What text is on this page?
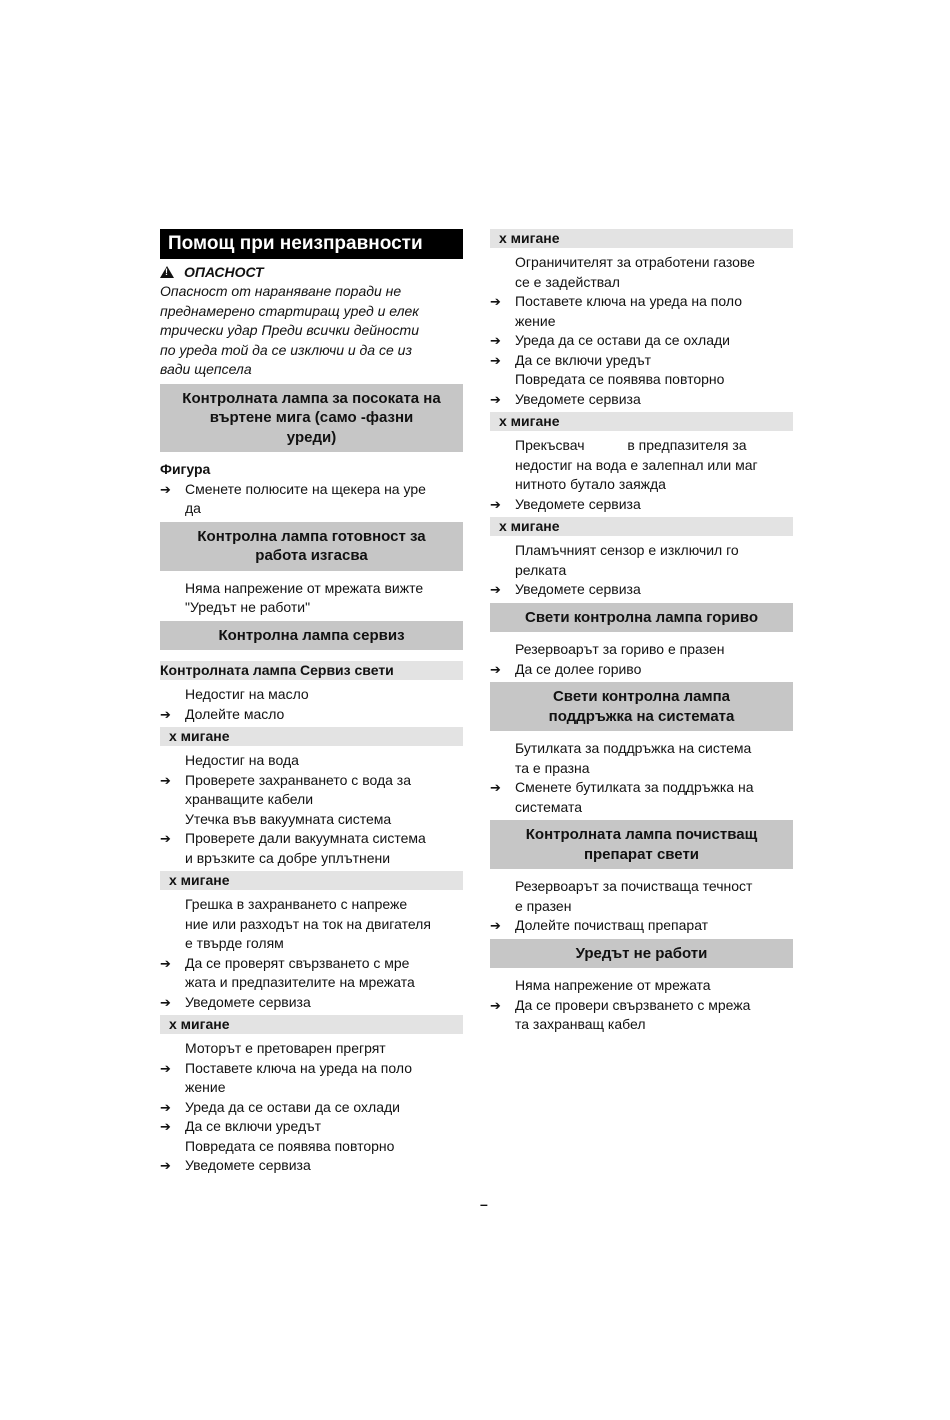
Помощ при неизправности
!
ОПАСНОСТ
Опасност от нараняване поради не
преднамерено стартиращ уред и елек
трически удар Преди всички дейности
по уреда той да се изключи и да се из
вади щепсела
Контролната лампа за посоката на
въртене мига (само -фазни
уреди)
Фигура
➔	Сменете полюсите на щекера на уре
да
Контролна лампа готовност за
работа изгасва
Няма напрежение от мрежата вижте
"Уредът не работи"
Контролна лампа сервиз
Контролната лампа Сервиз свети
Недостиг на масло
➔	Долейте масло
х мигане
Недостиг на вода
➔	Проверете захранването с вода за
хранващите кабели
Утечка във вакуумната система
➔	Проверете дали вакуумната система
и връзките са добре уплътнени
х мигане
Грешка в захранването с напреже
ние или разходът на ток на двигателя
е твърде голям
➔	Да се проверят свързването с мре
жата и предпазителите на мрежата
➔	Уведомете сервиза
х мигане
Моторът е претоварен прегрят
➔	Поставете ключа на уреда на поло
жение
➔	Уреда да се остави да се охлади
➔	Да се включи уредът
Повредата се появява повторно
➔	Уведомете сервиза
х мигане
Ограничителят за отработени газове
се е задействал
➔	Поставете ключа на уреда на поло
жение
➔	Уреда да се остави да се охлади
➔	Да се включи уредът
Повредата се появява повторно
➔	Уведомете сервиза
х мигане
Прекъсвач           в предпазителя за
недостиг на вода е залепнал или маг
нитното бутало заяжда
➔	Уведомете сервиза
х мигане
Пламъчният сензор е изключил го
релката
➔	Уведомете сервиза
Свети контролна лампа гориво
Резервоарът за гориво е празен
➔	Да се долее гориво
Свети контролна лампа
поддръжка на системата
Бутилката за поддръжка на система
та е празна
➔	Сменете бутилката за поддръжка на
системата
Контролната лампа почистващ
препарат свети
Резервоарът за почистваща течност
е празен
➔	Долейте почистващ препарат
Уредът не работи
Няма напрежение от мрежата
➔	Да се провери свързването с мрежа
та захранващ кабел
–
